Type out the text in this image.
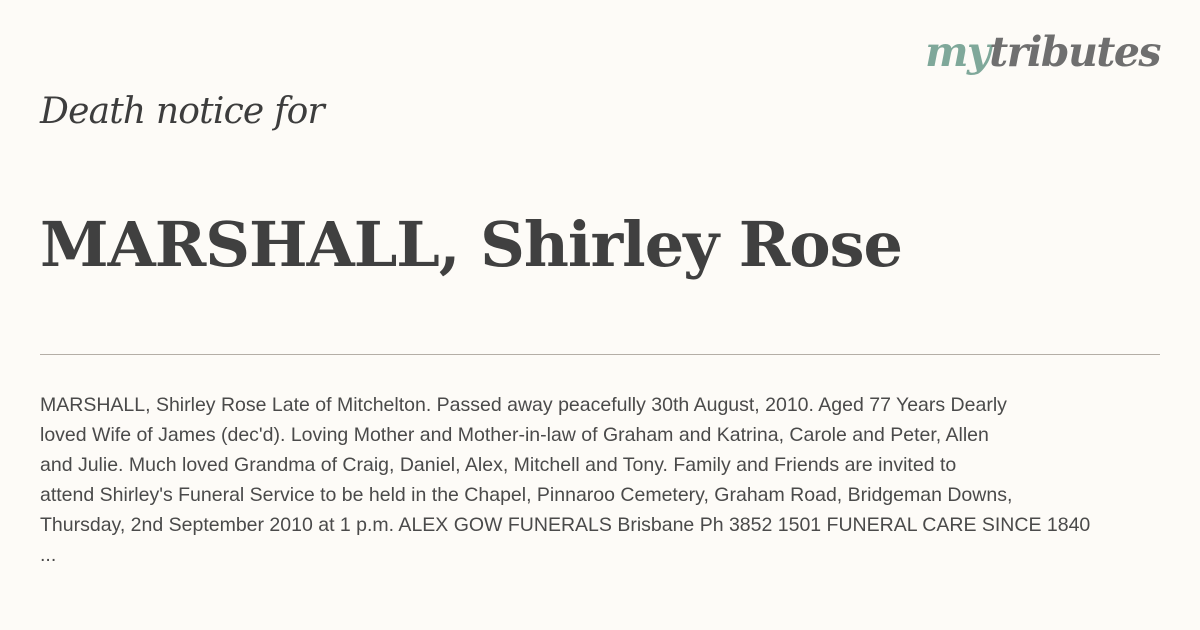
mytributes
Death notice for
MARSHALL, Shirley Rose

MARSHALL, Shirley Rose Late of Mitchelton. Passed away peacefully 30th August, 2010. Aged 77 Years Dearly
loved Wife of James (dec'd). Loving Mother and Mother-in-law of Graham and Katrina, Carole and Peter, Allen
and Julie. Much loved Grandma of Craig, Daniel, Alex, Mitchell and Tony. Family and Friends are invited to
attend Shirley's Funeral Service to be held in the Chapel, Pinnaroo Cemetery, Graham Road, Bridgeman Downs,
Thursday, 2nd September 2010 at 1 p.m. ALEX GOW FUNERALS Brisbane Ph 3852 1501 FUNERAL CARE SINCE 1840
...
